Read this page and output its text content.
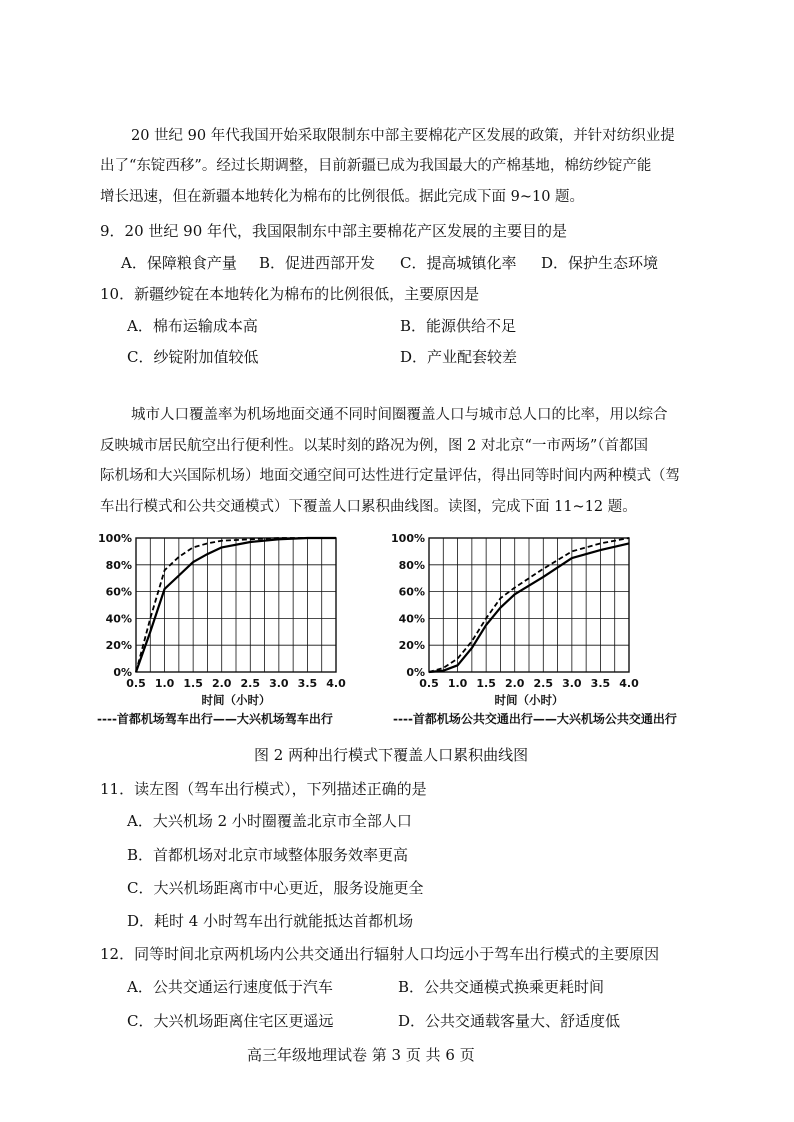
20 世纪 90 年代我国开始采取限制东中部主要棉花产区发展的政策，并针对纺织业提
出了“东锭西移”。经过长期调整，目前新疆已成为我国最大的产棉基地，棉纺纱锭产能
增长迅速，但在新疆本地转化为棉布的比例很低。据此完成下面 9~10 题。
9．20 世纪 90 年代，我国限制东中部主要棉花产区发展的主要目的是
A．保障粮食产量 B．促进西部开发 C．提高城镇化率 D．保护生态环境
10．新疆纱锭在本地转化为棉布的比例很低，主要原因是
A．棉布运输成本高	B．能源供给不足
C．纱锭附加值较低	D．产业配套较差
城市人口覆盖率为机场地面交通不同时间圈覆盖人口与城市总人口的比率，用以综合
反映城市居民航空出行便利性。以某时刻的路况为例，图 2 对北京“一市两场”（首都国
际机场和大兴国际机场）地面交通空间可达性进行定量评估，得出同等时间内两种模式（驾
车出行模式和公共交通模式）下覆盖人口累积曲线图。读图，完成下面 11~12 题。
0%
20%
40%
60%
80%
100%
0.5 1.0 1.5 2.0 2.5 3.0 3.5 4.0
时间（小时）
0%
20%
40%
60%
80%
100%
0.5 1.0 1.5 2.0 2.5 3.0 3.5 4.0
时间（小时）
----首都机场驾车出行——大兴机场驾车出行	----首都机场公共交通出行——大兴机场公共交通出行
图 2 两种出行模式下覆盖人口累积曲线图
11．读左图（驾车出行模式），下列描述正确的是
A．大兴机场 2 小时圈覆盖北京市全部人口
B．首都机场对北京市域整体服务效率更高
C．大兴机场距离市中心更近，服务设施更全
D．耗时 4 小时驾车出行就能抵达首都机场
12．同等时间北京两机场内公共交通出行辐射人口均远小于驾车出行模式的主要原因
A．公共交通运行速度低于汽车	B．公共交通模式换乘更耗时间
C．大兴机场距离住宅区更遥远	D．公共交通载客量大、舒适度低
高三年级地理试卷 第 3 页 共 6 页
